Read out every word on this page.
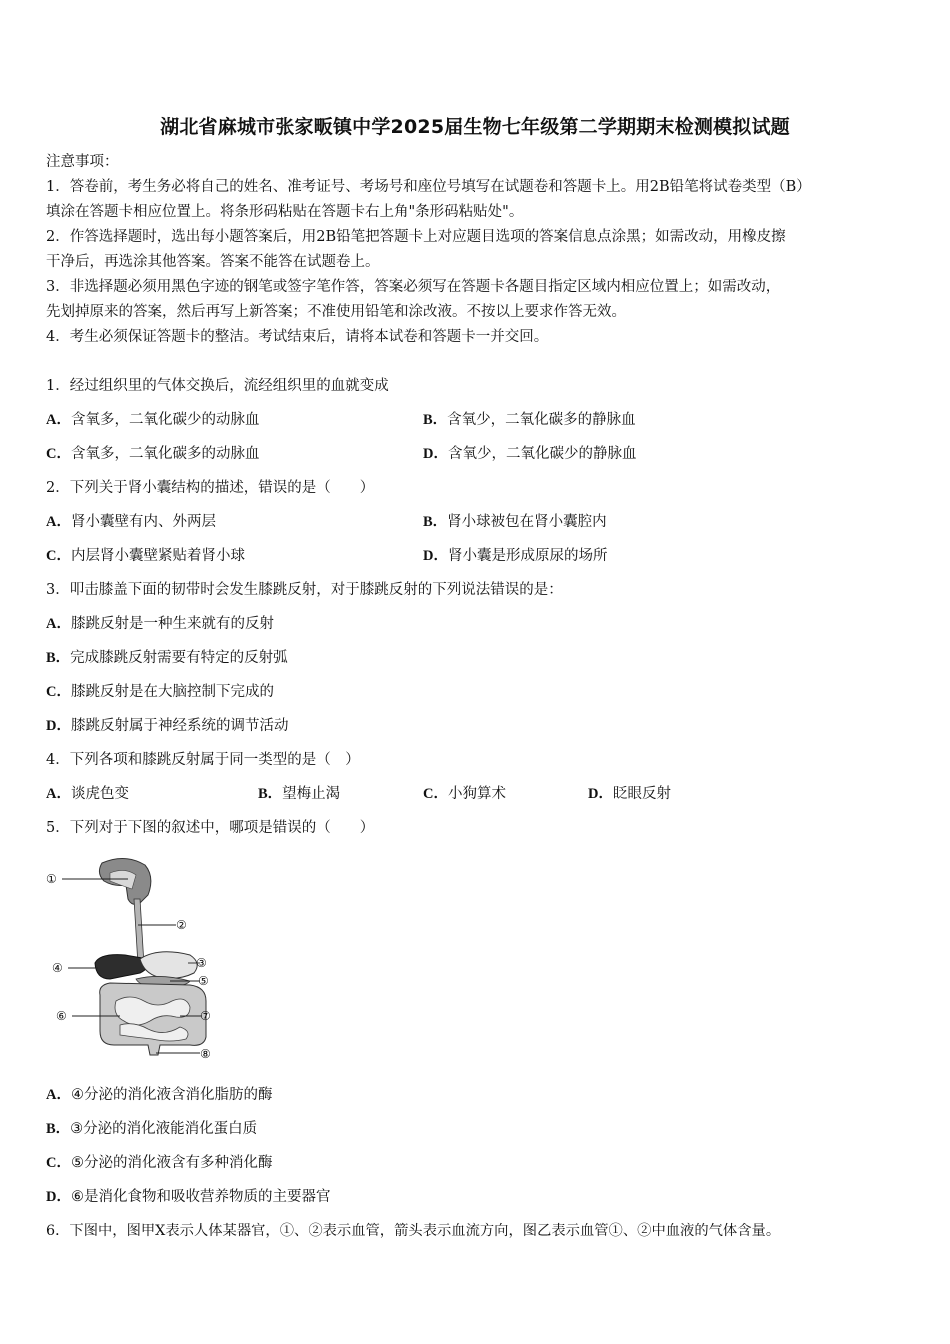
湖北省麻城市张家畈镇中学2025届生物七年级第二学期期末检测模拟试题
注意事项：
1．答卷前，考生务必将自己的姓名、准考证号、考场号和座位号填写在试题卷和答题卡上。用2B铅笔将试卷类型（B）
填涂在答题卡相应位置上。将条形码粘贴在答题卡右上角"条形码粘贴处"。
2．作答选择题时，选出每小题答案后，用2B铅笔把答题卡上对应题目选项的答案信息点涂黑；如需改动，用橡皮擦
干净后，再选涂其他答案。答案不能答在试题卷上。
3．非选择题必须用黑色字迹的钢笔或签字笔作答，答案必须写在答题卡各题目指定区域内相应位置上；如需改动，
先划掉原来的答案，然后再写上新答案；不准使用铅笔和涂改液。不按以上要求作答无效。
4．考生必须保证答题卡的整洁。考试结束后，请将本试卷和答题卡一并交回。
1．经过组织里的气体交换后，流经组织里的血就变成
A．含氧多，二氧化碳少的动脉血	B．含氧少，二氧化碳多的静脉血
C．含氧多，二氧化碳多的动脉血	D．含氧少，二氧化碳少的静脉血
2．下列关于肾小囊结构的描述，错误的是（　　）
A．肾小囊壁有内、外两层	B．肾小球被包在肾小囊腔内
C．内层肾小囊壁紧贴着肾小球	D．肾小囊是形成原尿的场所
3．叩击膝盖下面的韧带时会发生膝跳反射，对于膝跳反射的下列说法错误的是：
A．膝跳反射是一种生来就有的反射
B．完成膝跳反射需要有特定的反射弧
C．膝跳反射是在大脑控制下完成的
D．膝跳反射属于神经系统的调节活动
4．下列各项和膝跳反射属于同一类型的是（　）
A．谈虎色变	B．望梅止渴	C．小狗算术	D．眨眼反射
5．下列对于下图的叙述中，哪项是错误的（　　）
①
②
③
④
⑤
⑥	⑦
⑧
A．④分泌的消化液含消化脂肪的酶
B．③分泌的消化液能消化蛋白质
C．⑤分泌的消化液含有多种消化酶
D．⑥是消化食物和吸收营养物质的主要器官
6．下图中，图甲X表示人体某器官，①、②表示血管，箭头表示血流方向，图乙表示血管①、②中血液的气体含量。
